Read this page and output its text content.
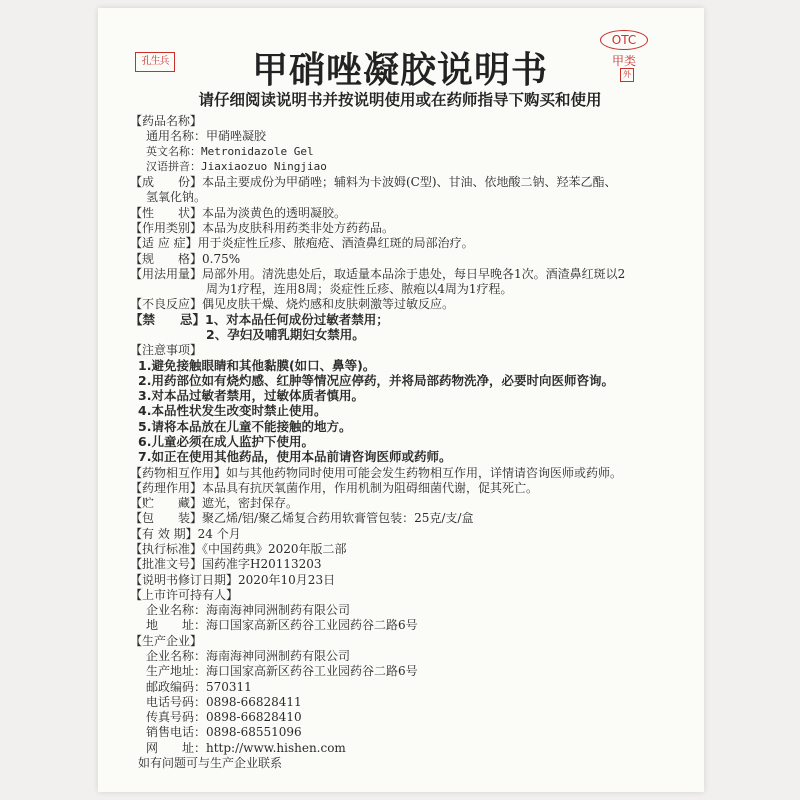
孔生兵	甲硝唑凝胶说明书
OTC
甲类
外
请仔细阅读说明书并按说明使用或在药师指导下购买和使用
【药品名称】
通用名称：甲硝唑凝胶
英文名称：Metronidazole Gel
汉语拼音：Jiaxiaozuo Ningjiao
【成　　份】本品主要成份为甲硝唑；辅料为卡波姆(C型)、甘油、依地酸二钠、羟苯乙酯、
氢氧化钠。
【性　　状】本品为淡黄色的透明凝胶。
【作用类别】本品为皮肤科用药类非处方药药品。
【适 应 症】用于炎症性丘疹、脓疱疮、酒渣鼻红斑的局部治疗。
【规　　格】0.75%
【用法用量】局部外用。清洗患处后，取适量本品涂于患处，每日早晚各1次。酒渣鼻红斑以2
周为1疗程，连用8周；炎症性丘疹、脓疱以4周为1疗程。
【不良反应】偶见皮肤干燥、烧灼感和皮肤刺激等过敏反应。
【禁　　忌】1、对本品任何成份过敏者禁用；
2、孕妇及哺乳期妇女禁用。
【注意事项】
1.避免接触眼睛和其他黏膜(如口、鼻等)。
2.用药部位如有烧灼感、红肿等情况应停药，并将局部药物洗净，必要时向医师咨询。
3.对本品过敏者禁用，过敏体质者慎用。
4.本品性状发生改变时禁止使用。
5.请将本品放在儿童不能接触的地方。
6.儿童必须在成人监护下使用。
7.如正在使用其他药品，使用本品前请咨询医师或药师。
【药物相互作用】如与其他药物同时使用可能会发生药物相互作用，详情请咨询医师或药师。
【药理作用】本品具有抗厌氧菌作用，作用机制为阻碍细菌代谢，促其死亡。
【贮　　藏】遮光，密封保存。
【包　　装】聚乙烯/铝/聚乙烯复合药用软膏管包装：25克/支/盒
【有 效 期】24 个月
【执行标准】《中国药典》2020年版二部
【批准文号】国药准字H20113203
【说明书修订日期】2020年10月23日
【上市许可持有人】
企业名称：海南海神同洲制药有限公司
地　　址：海口国家高新区药谷工业园药谷二路6号
【生产企业】
企业名称：海南海神同洲制药有限公司
生产地址：海口国家高新区药谷工业园药谷二路6号
邮政编码：570311
电话号码：0898-66828411
传真号码：0898-66828410
销售电话：0898-68551096
网　　址：http://www.hishen.com
如有问题可与生产企业联系
